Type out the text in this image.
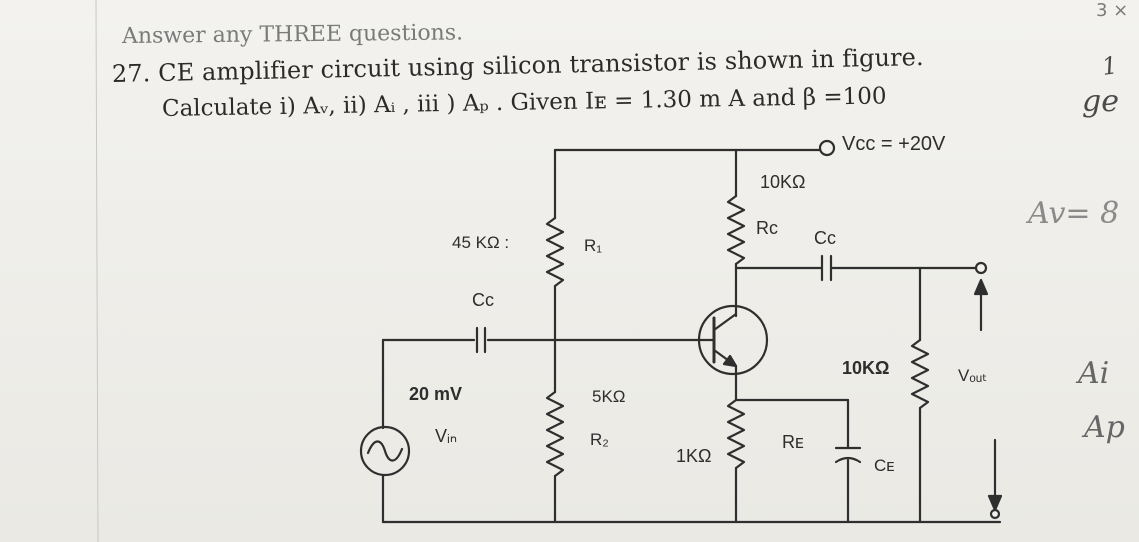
3 ×
Answer any THREE questions.
27. CE amplifier circuit using silicon transistor is shown in figure.
Calculate i) Aᵥ, ii) Aᵢ , iii ) Aₚ . Given Iᴇ = 1.30 m A and β =100
Vcc = +20V
10KΩ
Rc Cc
45 KΩ :	R₁
Cc
20 mV
Vᵢₙ
5KΩ
R₂
1KΩ
Rᴇ
10KΩ	Vₒᵤₜ
Cᴇ
1
ge
Av= 8
Ai
Ap
